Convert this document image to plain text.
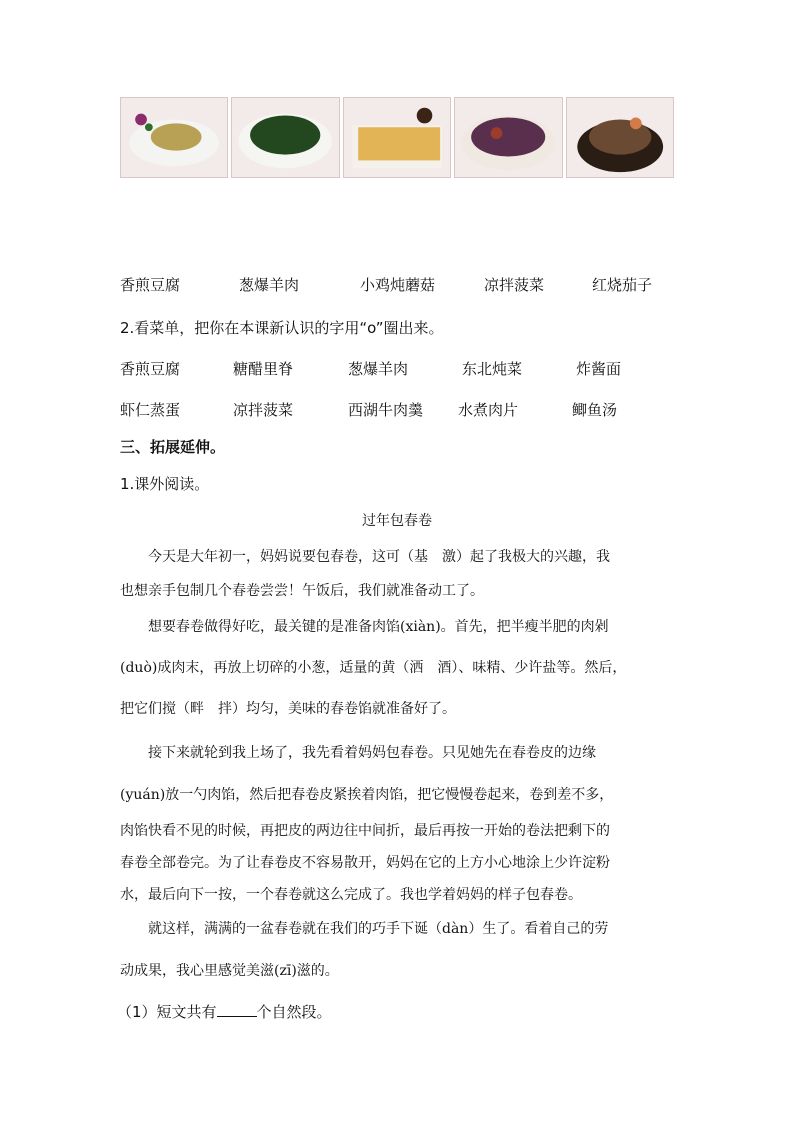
香煎豆腐	葱爆羊肉	小鸡炖蘑菇	凉拌菠菜	红烧茄子
2.看菜单，把你在本课新认识的字用“o”圈出来。
香煎豆腐	糖醋里脊	葱爆羊肉	东北炖菜	炸酱面
虾仁蒸蛋	凉拌菠菜	西湖牛肉羹 水煮肉片	鲫鱼汤
三、拓展延伸。
1.课外阅读。
过年包春卷

今天是大年初一，妈妈说要包春卷，这可（基　激）起了我极大的兴趣，我

也想亲手包制几个春卷尝尝！午饭后，我们就准备动工了。

想要春卷做得好吃，最关键的是准备肉馅(xiàn)。首先，把半瘦半肥的肉剁

(duò)成肉末，再放上切碎的小葱，适量的黄（洒　酒）、味精、少许盐等。然后，

把它们搅（畔　拌）均匀，美味的春卷馅就准备好了。

接下来就轮到我上场了，我先看着妈妈包春卷。只见她先在春卷皮的边缘

(yuán)放一勺肉馅，然后把春卷皮紧挨着肉馅，把它慢慢卷起来，卷到差不多，

肉馅快看不见的时候，再把皮的两边往中间折，最后再按一开始的卷法把剩下的

春卷全部卷完。为了让春卷皮不容易散开，妈妈在它的上方小心地涂上少许淀粉

水，最后向下一按，一个春卷就这么完成了。我也学着妈妈的样子包春卷。

就这样，满满的一盆春卷就在我们的巧手下诞（dàn）生了。看着自己的劳

动成果，我心里感觉美滋(zī)滋的。

（1）短文共有	个自然段。
